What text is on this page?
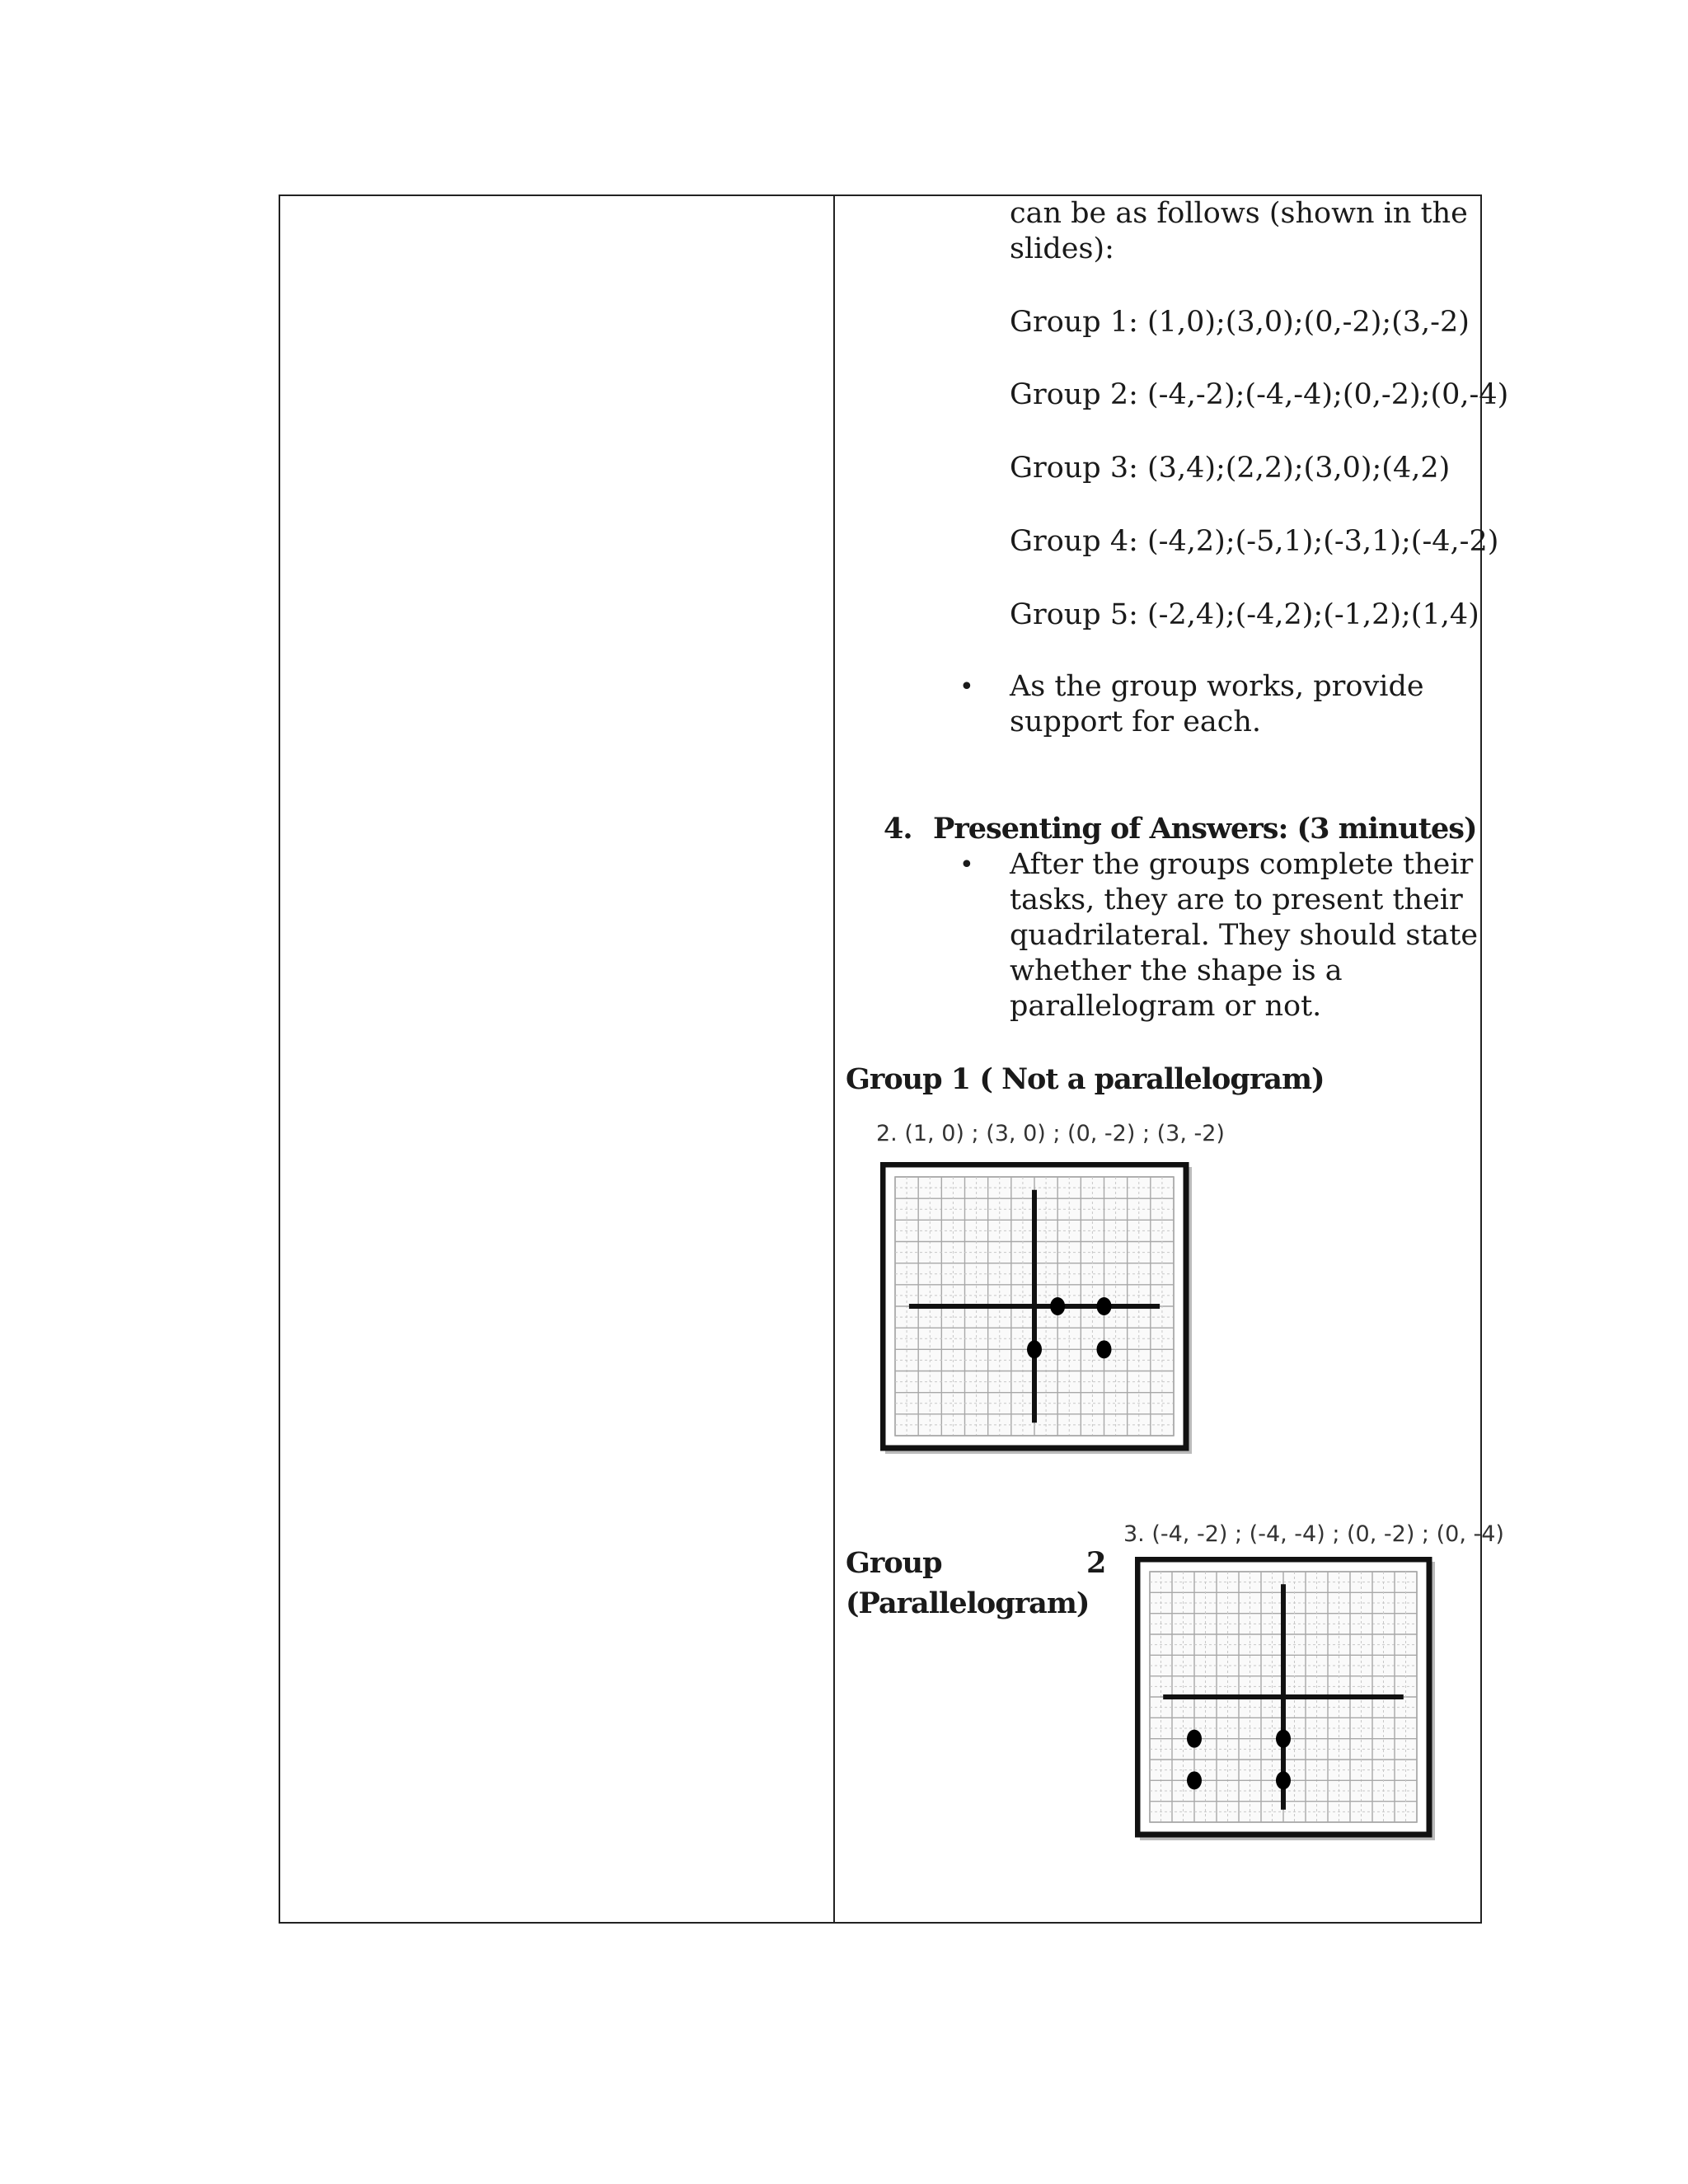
can be as follows (shown in the

slides):

Group 1: (1,0);(3,0);(0,-2);(3,-2)

Group 2: (-4,-2);(-4,-4);(0,-2);(0,-4)

Group 3: (3,4);(2,2);(3,0);(4,2)

Group 4: (-4,2);(-5,1);(-3,1);(-4,-2)

Group 5: (-2,4);(-4,2);(-1,2);(1,4)

• As the group works, provide

support for each.

4. Presenting of Answers: (3 minutes)
• After the groups complete their

tasks, they are to present their

quadrilateral. They should state

whether the shape is a

parallelogram or not.

Group 1 ( Not a parallelogram)
2. (1, 0) ; (3, 0) ; (0, -2) ; (3, -2)
Group	2
(Parallelogram)
3. (-4, -2) ; (-4, -4) ; (0, -2) ; (0, -4)
